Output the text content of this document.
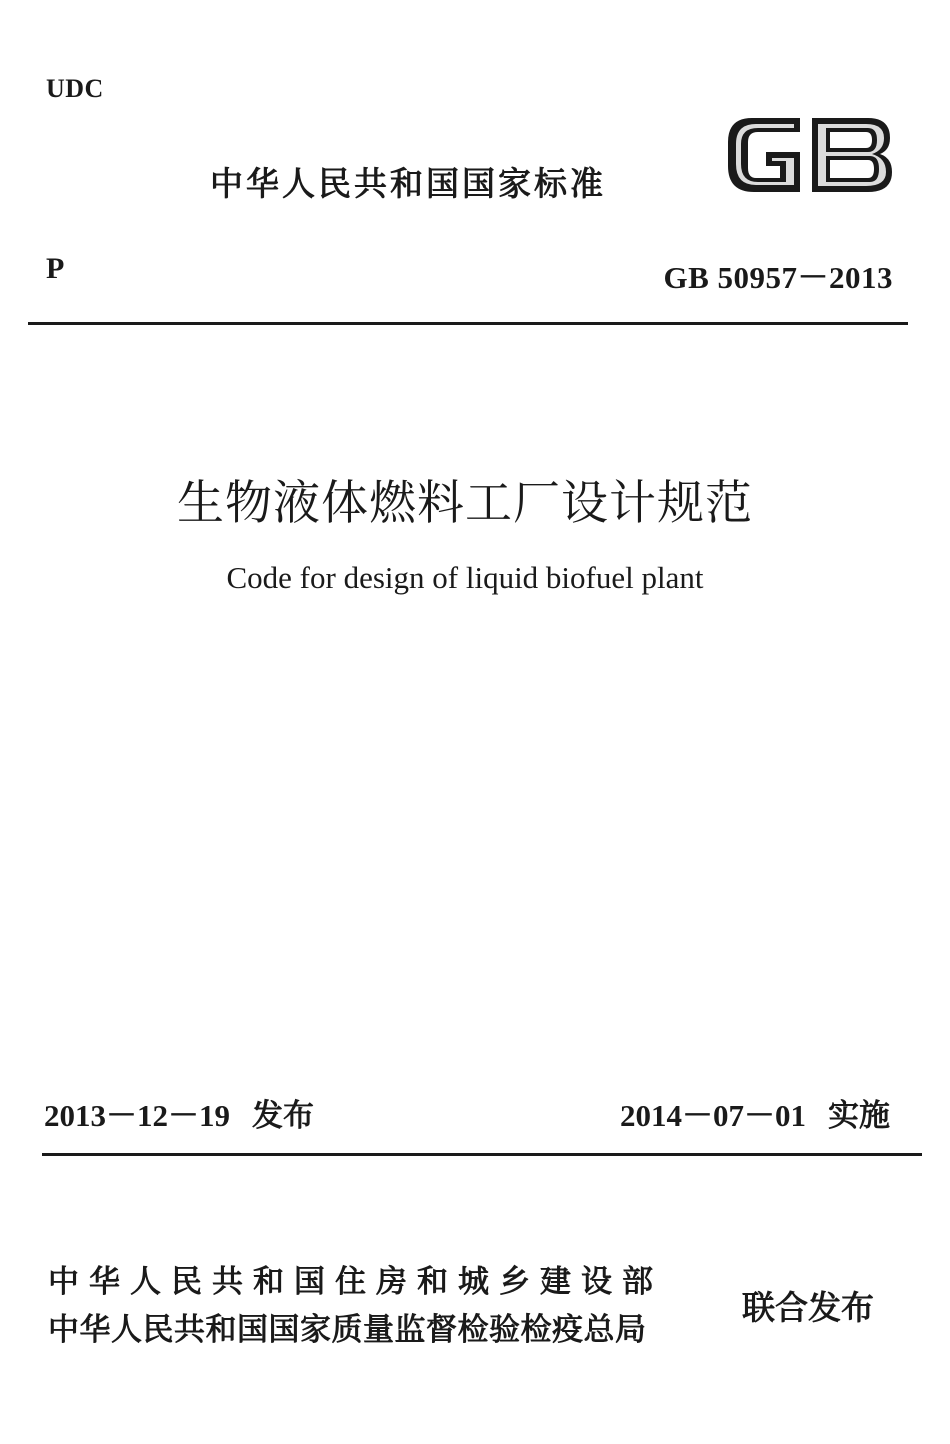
UDC
中华人民共和国国家标准
P	GB 50957－2013
生物液体燃料工厂设计规范
Code for design of liquid biofuel plant
2013－12－19 发布	2014－07－01 实施
中华人民共和国住房和城乡建设部
中华人民共和国国家质量监督检验检疫总局
联合发布
